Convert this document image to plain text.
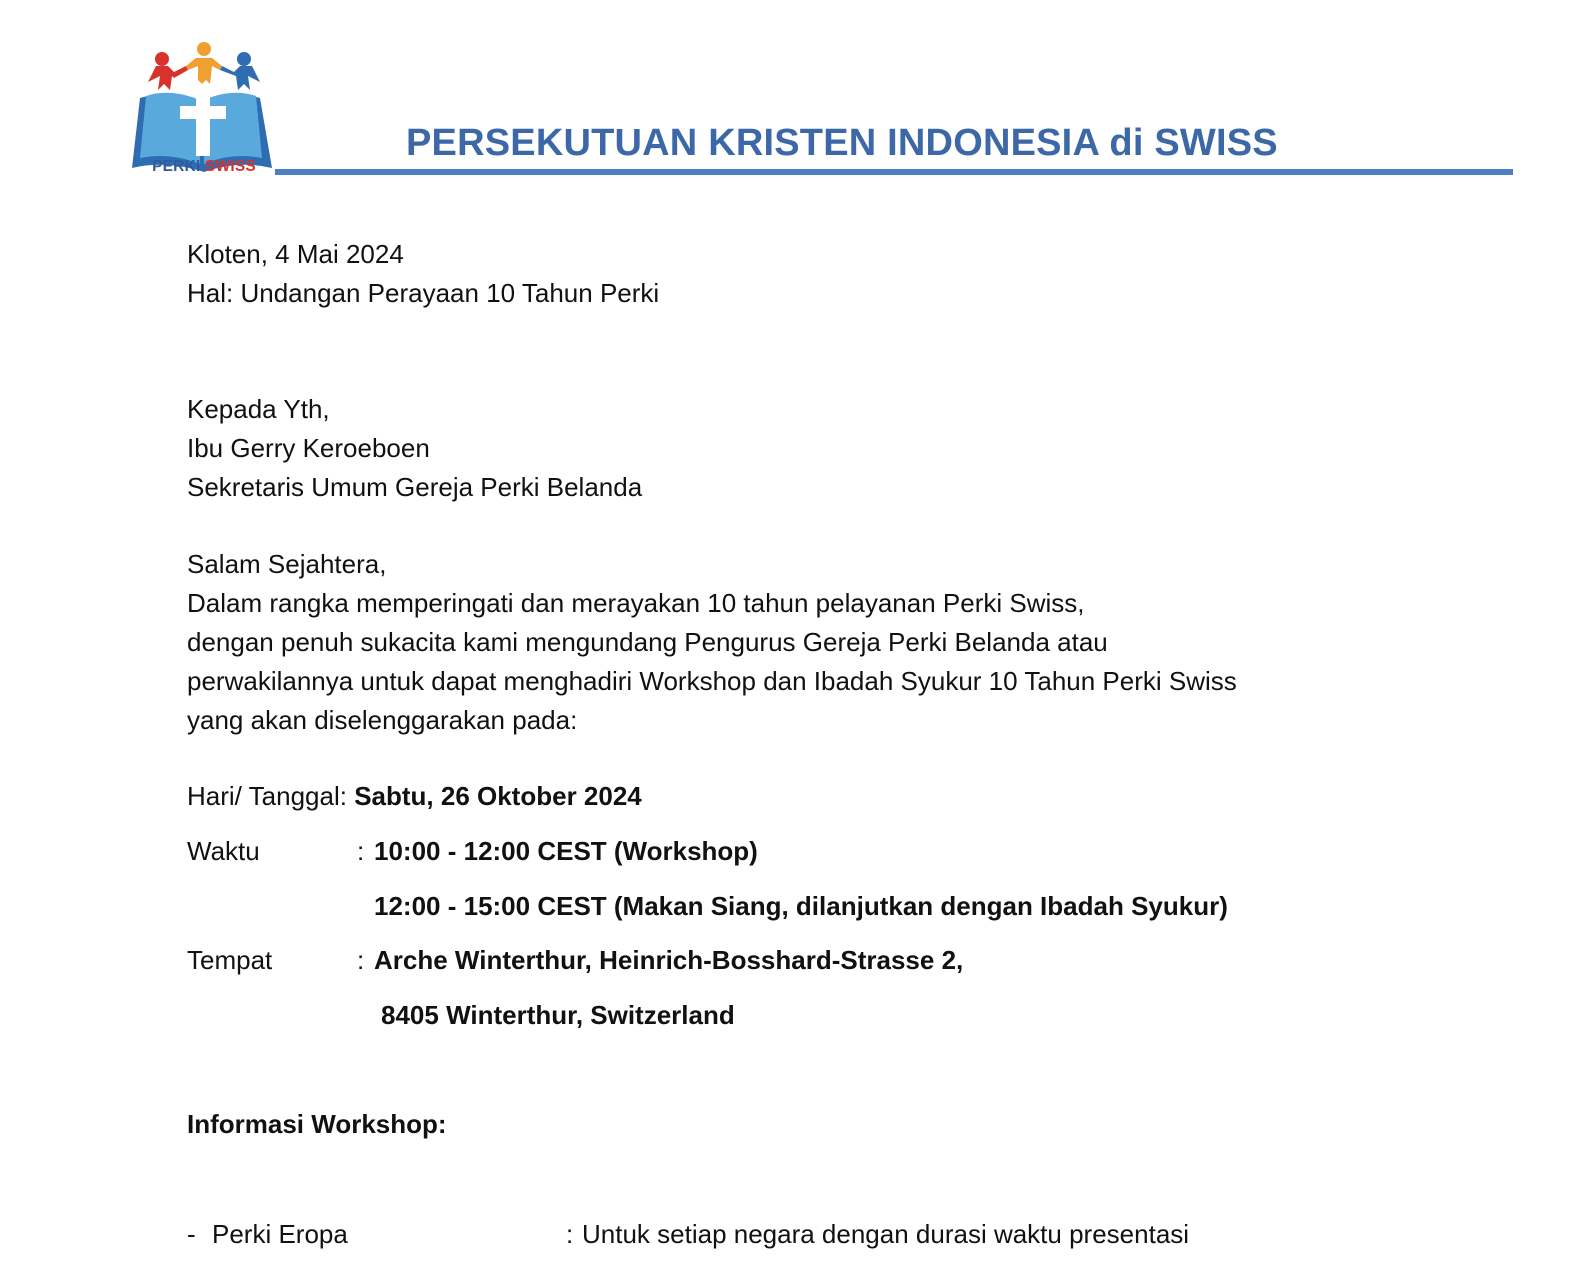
PERKI SWISS
PERSEKUTUAN KRISTEN INDONESIA di SWISS
Kloten, 4 Mai 2024
Hal: Undangan Perayaan 10 Tahun Perki
Kepada Yth,
Ibu Gerry Keroeboen
Sekretaris Umum Gereja Perki Belanda
Salam Sejahtera,
Dalam rangka memperingati dan merayakan 10 tahun pelayanan Perki Swiss,
dengan penuh sukacita kami mengundang Pengurus Gereja Perki Belanda atau
perwakilannya untuk dapat menghadiri Workshop dan Ibadah Syukur 10 Tahun Perki Swiss
yang akan diselenggarakan pada:
Hari/ Tanggal: Sabtu, 26 Oktober 2024
Waktu	: 10:00 - 12:00 CEST (Workshop)
12:00 - 15:00 CEST (Makan Siang, dilanjutkan dengan Ibadah Syukur)
Tempat	: Arche Winterthur, Heinrich-Bosshard-Strasse 2,
8405 Winterthur, Switzerland
Informasi Workshop:
- Perki Eropa	: Untuk setiap negara dengan durasi waktu presentasi
